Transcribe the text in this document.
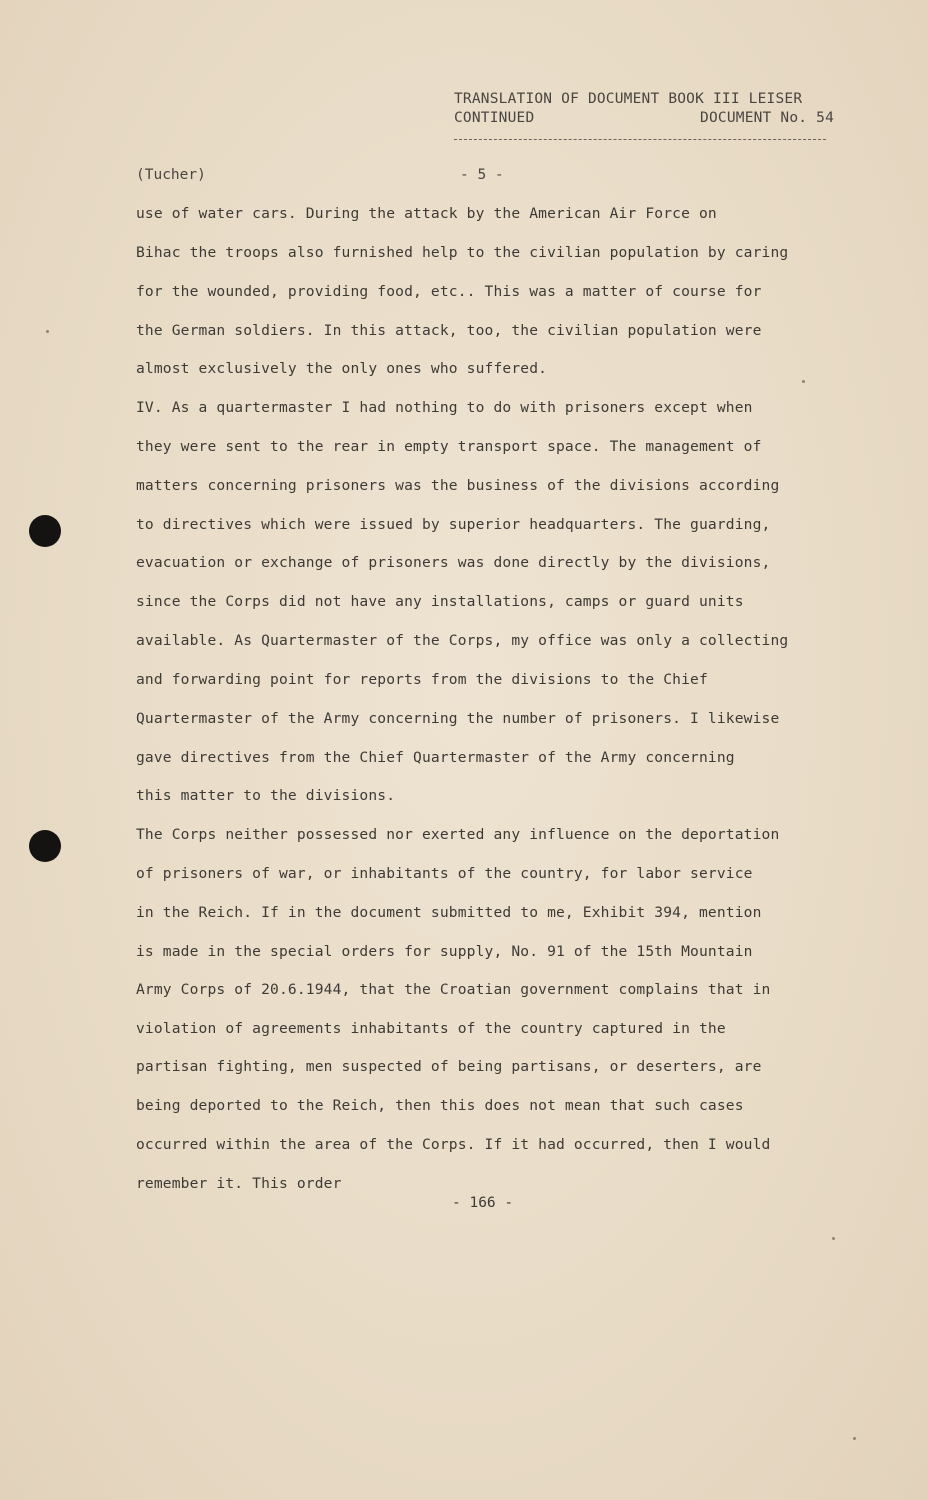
TRANSLATION OF DOCUMENT BOOK III LEISER
CONTINUED	DOCUMENT No. 54
(Tucher)	- 5 -
use of water cars. During the attack by the American Air Force on
Bihac the troops also furnished help to the civilian population by caring
for the wounded, providing food, etc.. This was a matter of course for
the German soldiers. In this attack, too, the civilian population were
almost exclusively the only ones who suffered.
IV. As a quartermaster I had nothing to do with prisoners except when
they were sent to the rear in empty transport space. The management of
matters concerning prisoners was the business of the divisions according
to directives which were issued by superior headquarters. The guarding,
evacuation or exchange of prisoners was done directly by the divisions,
since the Corps did not have any installations, camps or guard units
available. As Quartermaster of the Corps, my office was only a collecting
and forwarding point for reports from the divisions to the Chief
Quartermaster of the Army concerning the number of prisoners. I likewise
gave directives from the Chief Quartermaster of the Army concerning
this matter to the divisions.
The Corps neither possessed nor exerted any influence on the deportation
of prisoners of war, or inhabitants of the country, for labor service
in the Reich. If in the document submitted to me, Exhibit 394, mention
is made in the special orders for supply, No. 91 of the 15th Mountain
Army Corps of 20.6.1944, that the Croatian government complains that in
violation of agreements inhabitants of the country captured in the
partisan fighting, men suspected of being partisans, or deserters, are
being deported to the Reich, then this does not mean that such cases
occurred within the area of the Corps. If it had occurred, then I would
remember it. This order
- 166 -
